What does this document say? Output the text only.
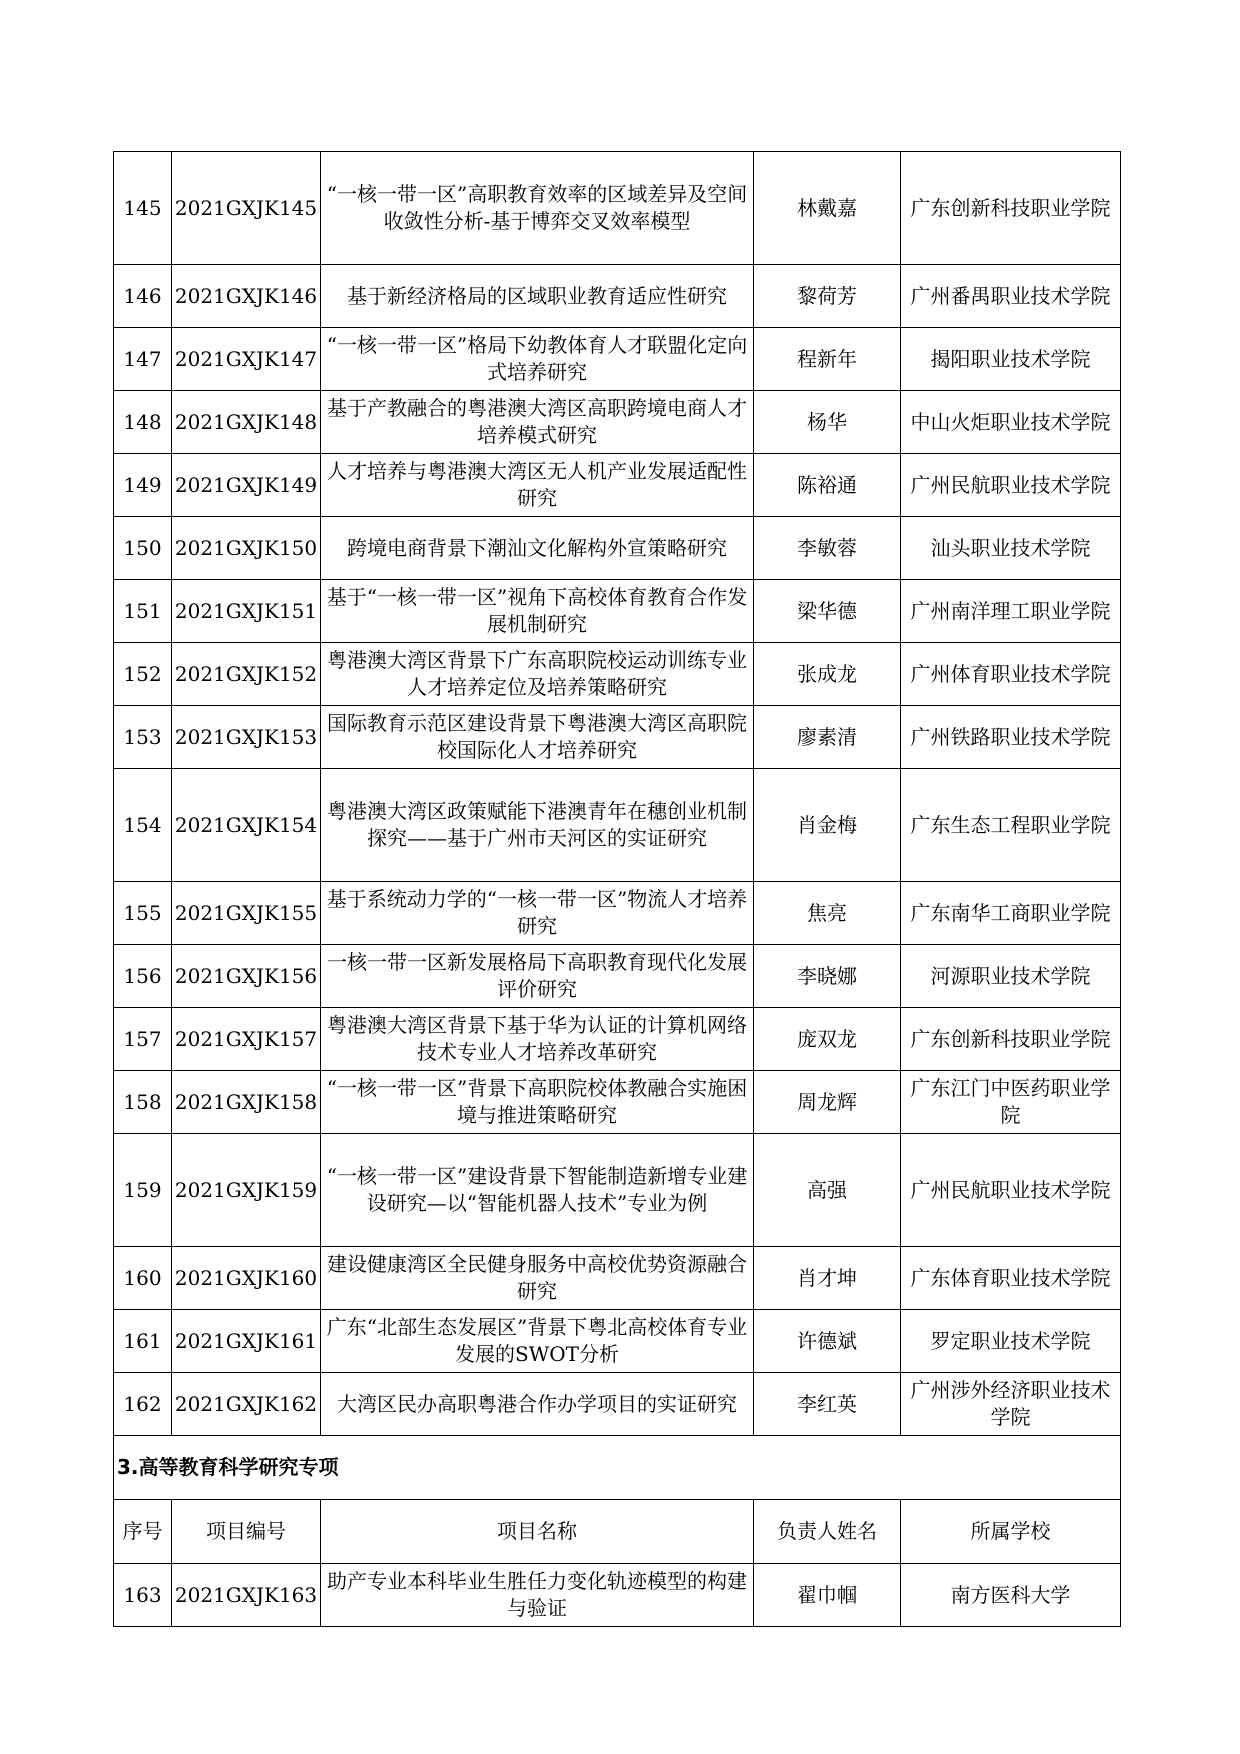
145	2021GXJK145	“一核一带一区”高职教育效率的区域差异及空间收敛性分析-基于博弈交叉效率模型	林戴嘉	广东创新科技职业学院
146	2021GXJK146	基于新经济格局的区域职业教育适应性研究	黎荷芳	广州番禺职业技术学院
147	2021GXJK147	“一核一带一区”格局下幼教体育人才联盟化定向式培养研究	程新年	揭阳职业技术学院
148	2021GXJK148	基于产教融合的粤港澳大湾区高职跨境电商人才培养模式研究	杨华	中山火炬职业技术学院
149	2021GXJK149	人才培养与粤港澳大湾区无人机产业发展适配性研究	陈裕通	广州民航职业技术学院
150	2021GXJK150	跨境电商背景下潮汕文化解构外宣策略研究	李敏蓉	汕头职业技术学院
151	2021GXJK151	基于“一核一带一区”视角下高校体育教育合作发展机制研究	梁华德	广州南洋理工职业学院
152	2021GXJK152	粤港澳大湾区背景下广东高职院校运动训练专业人才培养定位及培养策略研究	张成龙	广州体育职业技术学院
153	2021GXJK153	国际教育示范区建设背景下粤港澳大湾区高职院校国际化人才培养研究	廖素清	广州铁路职业技术学院
154	2021GXJK154	粤港澳大湾区政策赋能下港澳青年在穗创业机制探究——基于广州市天河区的实证研究	肖金梅	广东生态工程职业学院
155	2021GXJK155	基于系统动力学的“一核一带一区”物流人才培养研究	焦亮	广东南华工商职业学院
156	2021GXJK156	一核一带一区新发展格局下高职教育现代化发展评价研究	李晓娜	河源职业技术学院
157	2021GXJK157	粤港澳大湾区背景下基于华为认证的计算机网络技术专业人才培养改革研究	庞双龙	广东创新科技职业学院
158	2021GXJK158	“一核一带一区”背景下高职院校体教融合实施困境与推进策略研究	周龙辉	广东江门中医药职业学院
159	2021GXJK159	“一核一带一区”建设背景下智能制造新增专业建设研究—以“智能机器人技术”专业为例	高强	广州民航职业技术学院
160	2021GXJK160	建设健康湾区全民健身服务中高校优势资源融合研究	肖才坤	广东体育职业技术学院
161	2021GXJK161	广东“北部生态发展区”背景下粤北高校体育专业发展的SWOT分析	许德斌	罗定职业技术学院
162	2021GXJK162	大湾区民办高职粤港合作办学项目的实证研究	李红英	广州涉外经济职业技术学院
3.高等教育科学研究专项				
序号	项目编号	项目名称	负责人姓名	所属学校
163	2021GXJK163	助产专业本科毕业生胜任力变化轨迹模型的构建与验证	翟巾帼	南方医科大学
